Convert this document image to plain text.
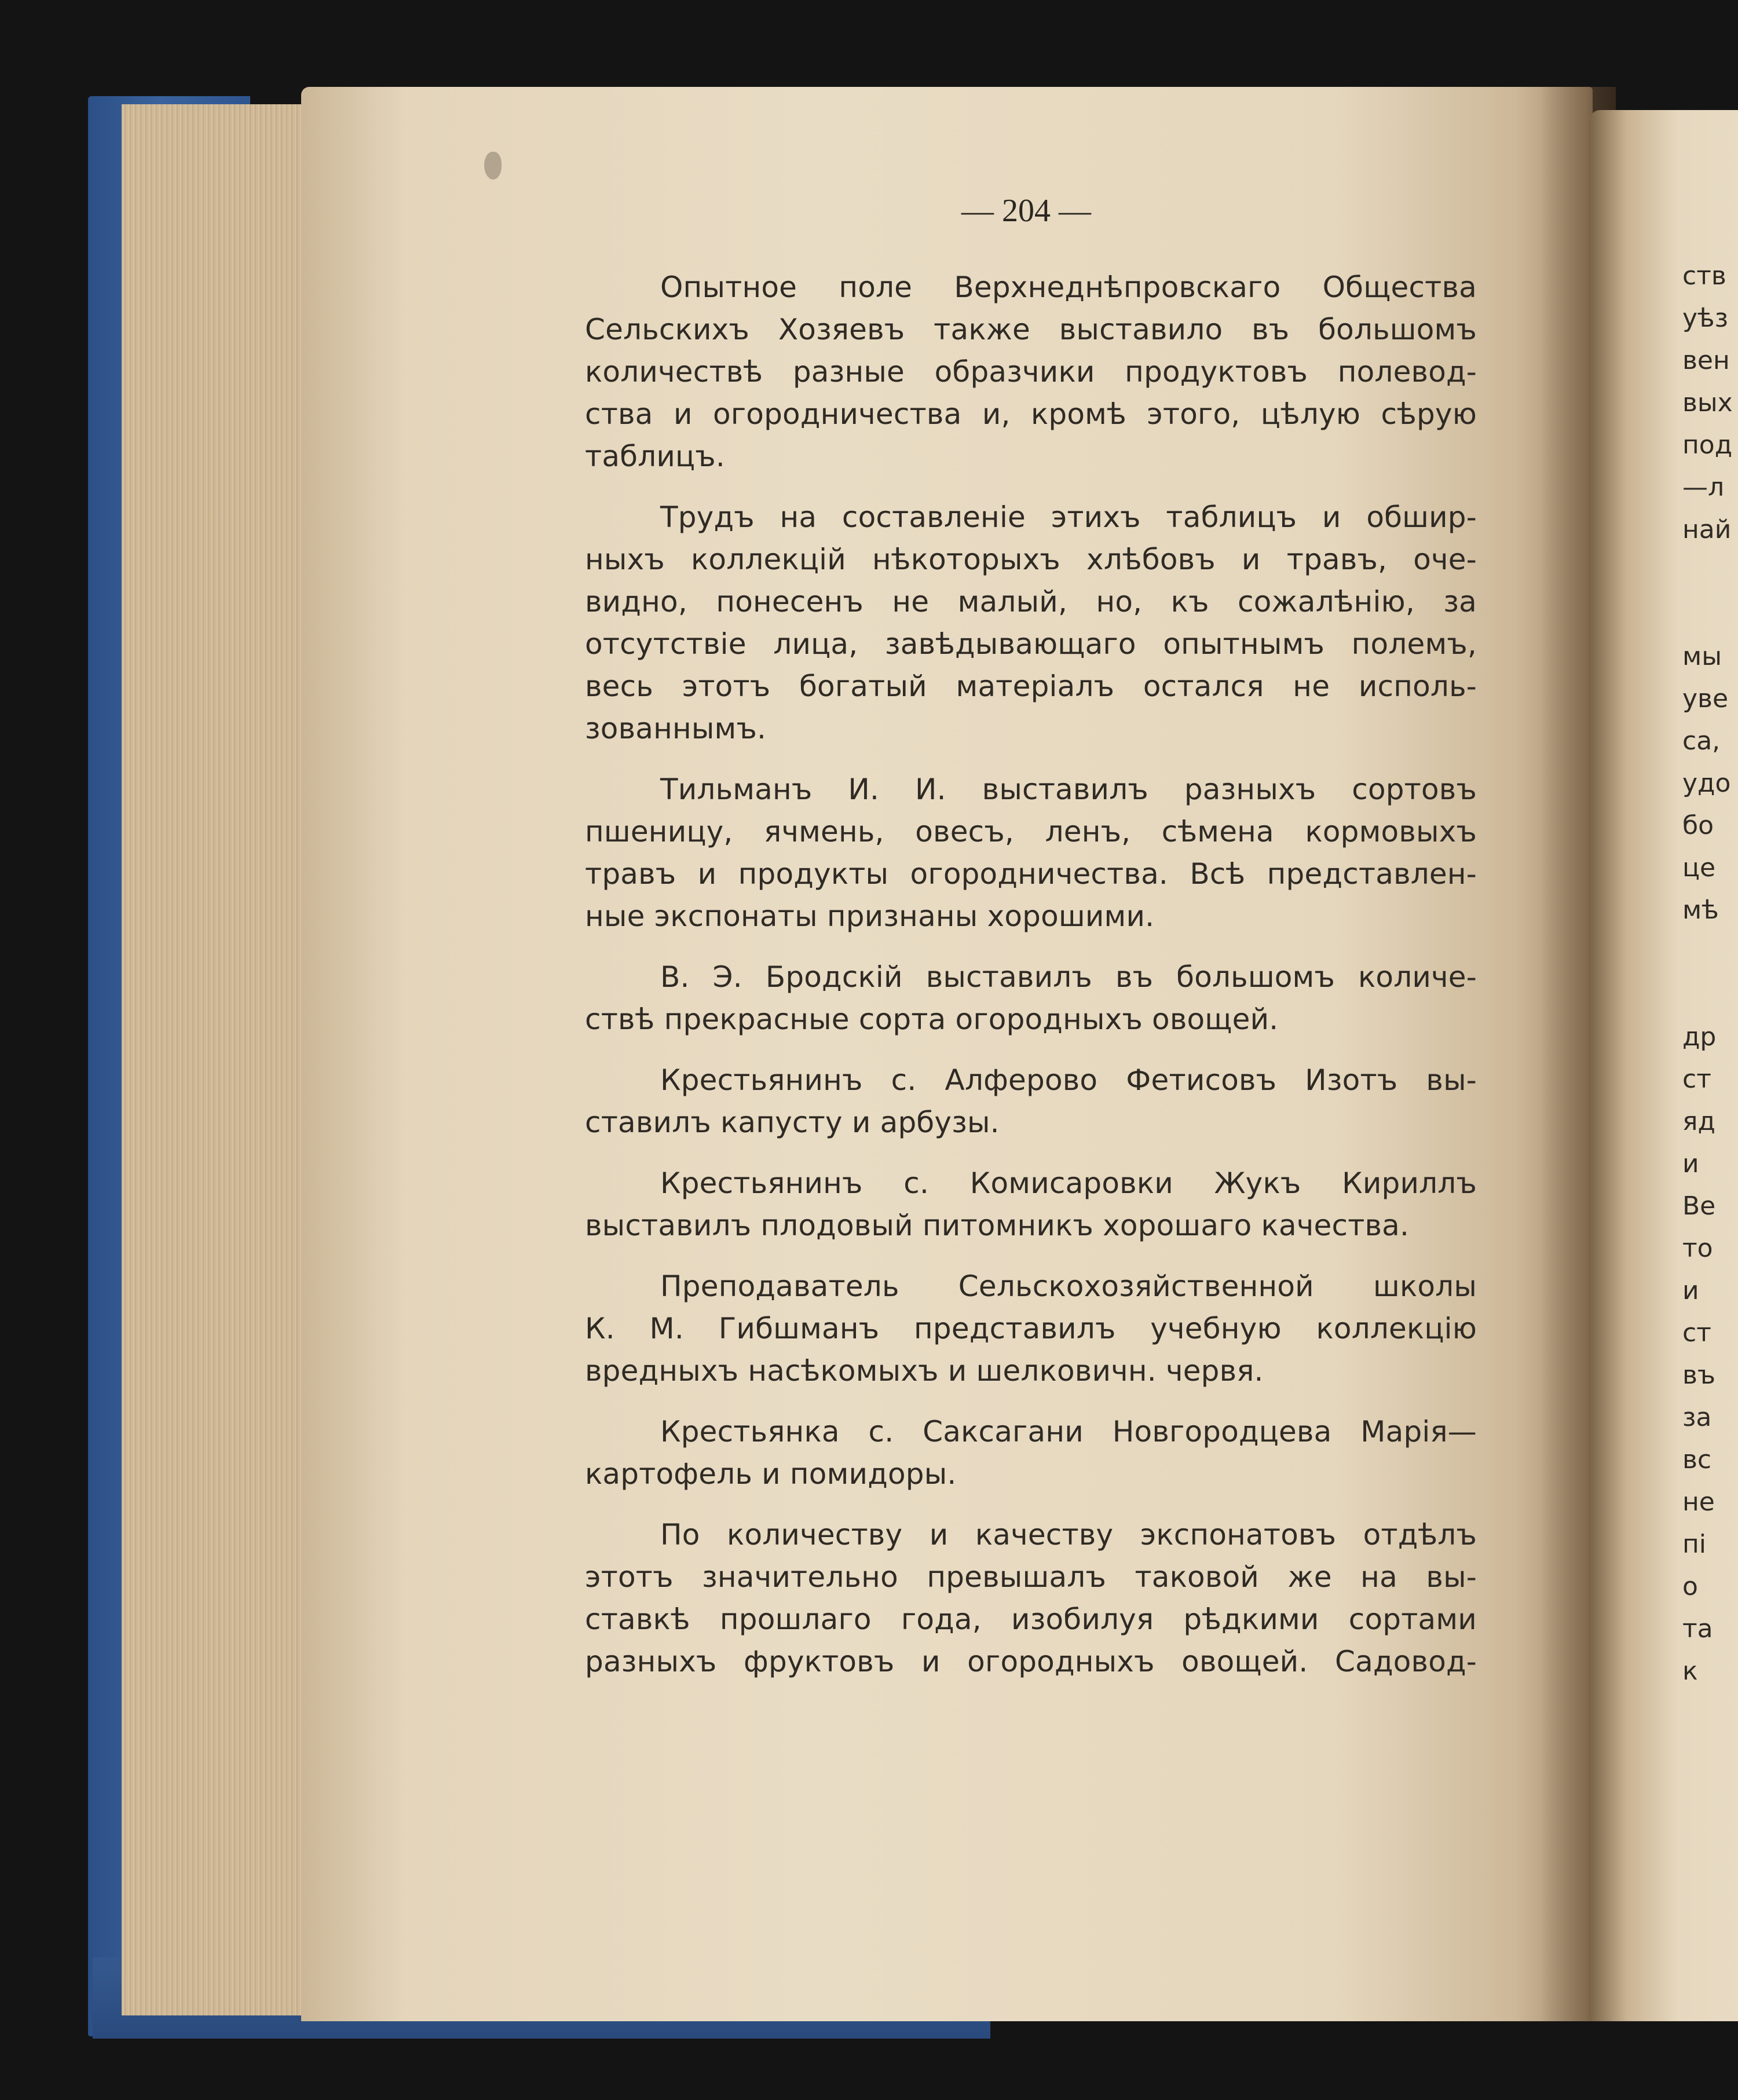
— 204 —

Опытное поле Верхнеднѣпровскаго Общества
Сельскихъ Хозяевъ также выставило въ большомъ
количествѣ разные образчики продуктовъ полевод-
ства и огородничества и, кромѣ этого, цѣлую сѣрую
таблицъ.

Трудъ на составленіе этихъ таблицъ и обшир-
ныхъ коллекцій нѣкоторыхъ хлѣбовъ и травъ, оче-
видно, понесенъ не малый, но, къ сожалѣнію, за
отсутствіе лица, завѣдывающаго опытнымъ полемъ,
весь этотъ богатый матеріалъ остался не исполь-
зованнымъ.

Тильманъ И. И. выставилъ разныхъ сортовъ
пшеницу, ячмень, овесъ, ленъ, сѣмена кормовыхъ
травъ и продукты огородничества. Всѣ представлен-
ные экспонаты признаны хорошими.

В. Э. Бродскій выставилъ въ большомъ количе-
ствѣ прекрасные сорта огородныхъ овощей.

Крестьянинъ с. Алферово Фетисовъ Изотъ вы-
ставилъ капусту и арбузы.

Крестьянинъ с. Комисаровки Жукъ Кириллъ
выставилъ плодовый питомникъ хорошаго качества.

Преподаватель Сельскохозяйственной школы
К. М. Гибшманъ представилъ учебную коллекцію
вредныхъ насѣкомыхъ и шелковичн. червя.

Крестьянка с. Саксагани Новгородцева Марія—
картофель и помидоры.

По количеству и качеству экспонатовъ отдѣлъ
этотъ значительно превышалъ таковой же на вы-
ставкѣ прошлаго года, изобилуя рѣдкими сортами
разныхъ фруктовъ и огородныхъ овощей. Садовод-

ств
уѣз
вен
вых
под
—л
най
мы
уве
са,
удо
бо
це
мѣ
др
ст
яд
и
Ве
то
и
ст
въ
за
вс
не
пі
о
та
к
